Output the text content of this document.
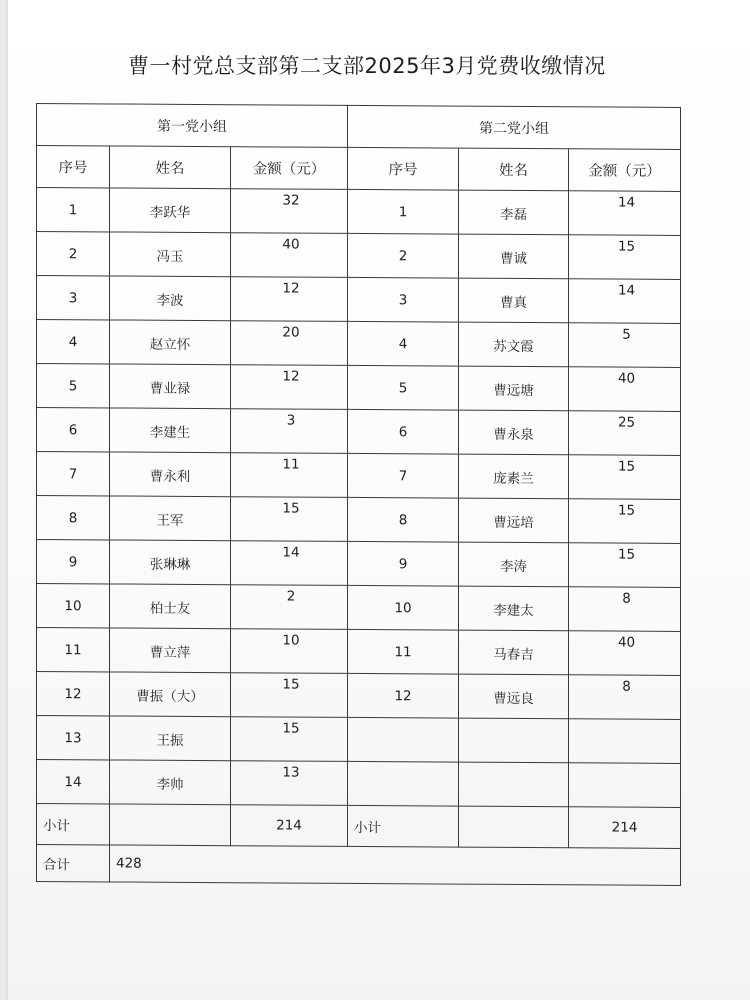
曹一村党总支部第二支部2025年3月党费收缴情况
第一党小组			第二党小组		
序号	姓名	金额（元）	序号	姓名	金额（元）
1	李跃华	32	1	李磊	14
2	冯玉	40	2	曹诚	15
3	李波	12	3	曹真	14
4	赵立怀	20	4	苏文霞	5
5	曹业禄	12	5	曹远塘	40
6	李建生	3	6	曹永泉	25
7	曹永利	11	7	庞素兰	15
8	王军	15	8	曹远培	15
9	张琳琳	14	9	李涛	15
10	柏士友	2	10	李建太	8
11	曹立萍	10	11	马春吉	40
12	曹振（大）	15	12	曹远良	8
13	王振	15			
14	李帅	13			
小计		214	小计		214
合计	428				
